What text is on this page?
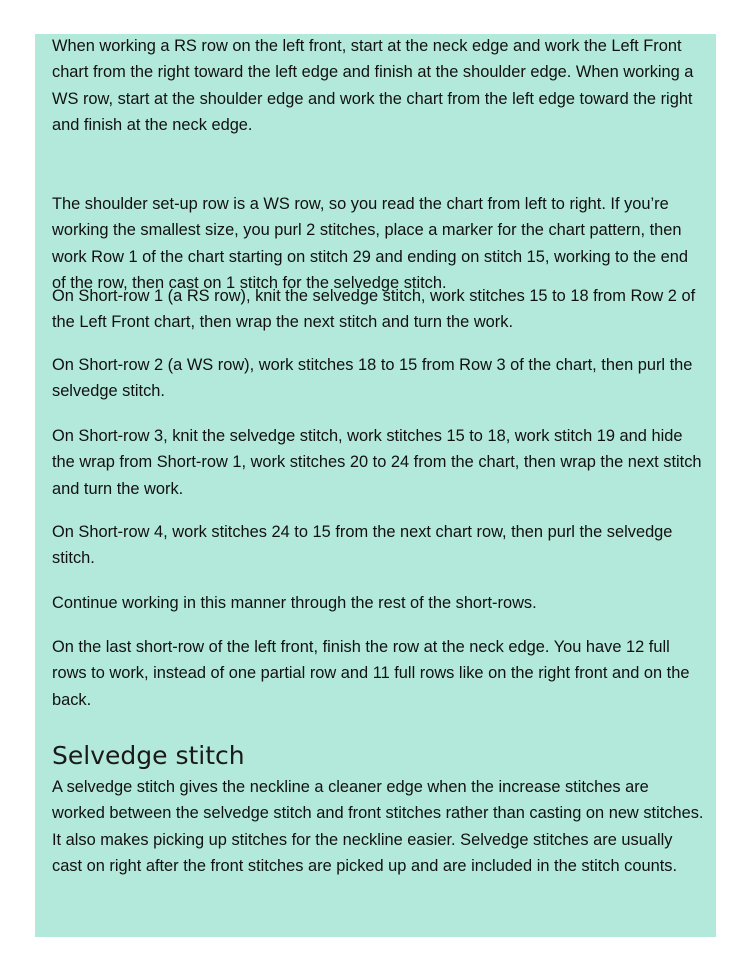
When working a RS row on the left front, start at the neck edge and work the Left Front chart from the right toward the left edge and finish at the shoulder edge. When working a WS row, start at the shoulder edge and work the chart from the left edge toward the right and finish at the neck edge.

The shoulder set-up row is a WS row, so you read the chart from left to right. If you’re working the smallest size, you purl 2 stitches, place a marker for the chart pattern, then work Row 1 of the chart starting on stitch 29 and ending on stitch 15, working to the end of the row, then cast on 1 stitch for the selvedge stitch.

On Short-row 1 (a RS row), knit the selvedge stitch, work stitches 15 to 18 from Row 2 of the Left Front chart, then wrap the next stitch and turn the work.

On Short-row 2 (a WS row), work stitches 18 to 15 from Row 3 of the chart, then purl the selvedge stitch.

On Short-row 3, knit the selvedge stitch, work stitches 15 to 18, work stitch 19 and hide the wrap from Short-row 1, work stitches 20 to 24 from the chart, then wrap the next stitch and turn the work.

On Short-row 4, work stitches 24 to 15 from the next chart row, then purl the selvedge stitch.

Continue working in this manner through the rest of the short-rows.

On the last short-row of the left front, finish the row at the neck edge. You have 12 full rows to work, instead of one partial row and 11 full rows like on the right front and on the back.

Selvedge stitch

A selvedge stitch gives the neckline a cleaner edge when the increase stitches are worked between the selvedge stitch and front stitches rather than casting on new stitches. It also makes picking up stitches for the neckline easier. Selvedge stitches are usually cast on right after the front stitches are picked up and are included in the stitch counts.
